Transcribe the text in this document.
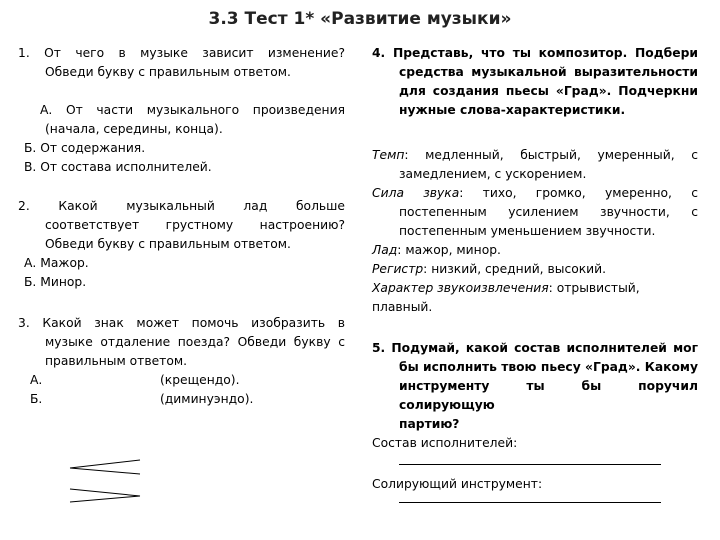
3.3 Тест 1* «Развитие музыки»

1. От чего в музыке зависит изменение?

Обведи букву с правильным ответом.

А. От части музыкального произведения

(начала, середины, конца).

Б. От содержания.

В. От состава исполнителей.

2. Какой музыкальный лад больше

соответствует грустному настроению?

Обведи букву с правильным ответом.

А. Мажор.

Б. Минор.

3. Какой знак может помочь изобразить в

музыке отдаление поезда? Обведи букву с

правильным ответом.

А.	(крещендо).
Б.	(диминуэндо).

4. Представь, что ты композитор. Подбери

средства музыкальной выразительности

для создания пьесы «Град». Подчеркни

нужные слова-характеристики.

Темп: медленный, быстрый, умеренный, с

замедлением, с ускорением.

Сила звука: тихо, громко, умеренно, с

постепенным усилением звучности, с

постепенным уменьшением звучности.

Лад: мажор, минор.

Регистр: низкий, средний, высокий.

Характер звукоизвлечения: отрывистый, плавный.

5. Подумай, какой состав исполнителей мог

бы исполнить твою пьесу «Град». Какому

инструменту ты бы поручил солирующую

партию?

Состав исполнителей:

Солирующий инструмент:
